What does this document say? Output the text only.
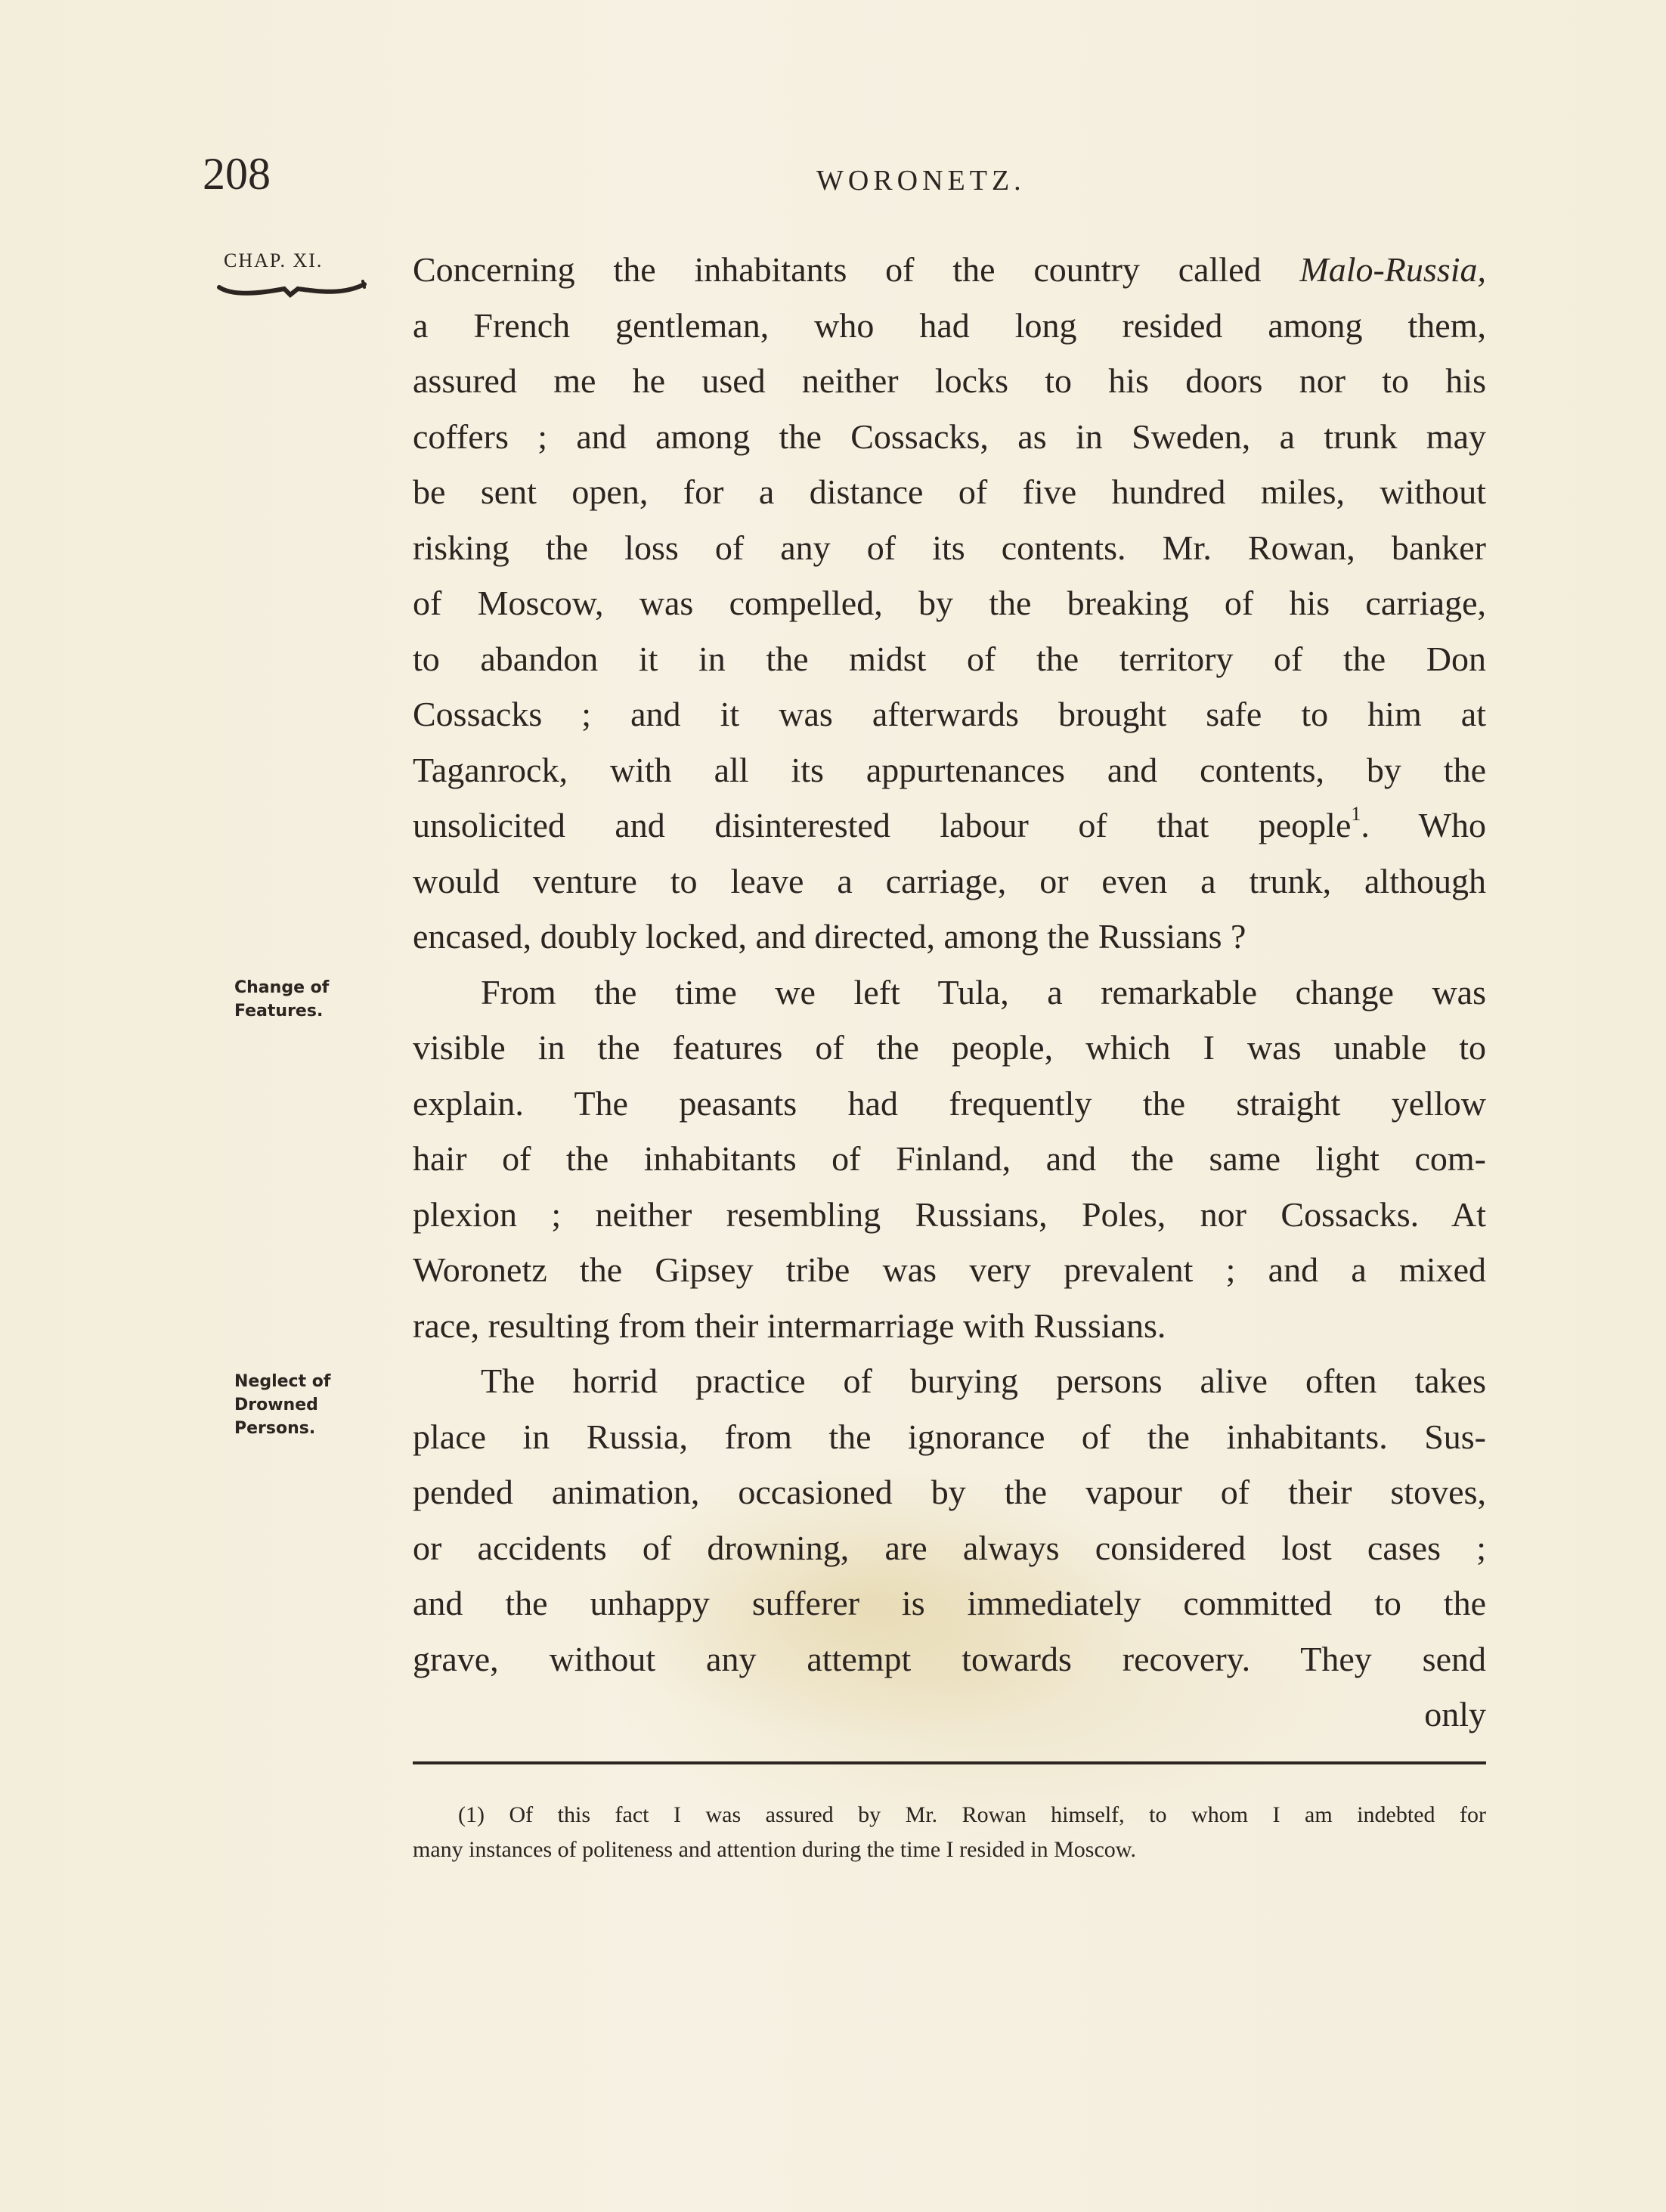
208	WORONETZ.
CHAP. XI.
Change of
Features.
Neglect of
Drowned
Persons.
Concerning the inhabitants of the country called Malo-Russia,
a French gentleman, who had long resided among them,
assured me he used neither locks to his doors nor to his
coffers ; and among the Cossacks, as in Sweden, a trunk may
be sent open, for a distance of five hundred miles, without
risking the loss of any of its contents. Mr. Rowan, banker
of Moscow, was compelled, by the breaking of his carriage,
to abandon it in the midst of the territory of the Don
Cossacks ; and it was afterwards brought safe to him at
Taganrock, with all its appurtenances and contents, by the
unsolicited and disinterested labour of that people$^1$. Who
would venture to leave a carriage, or even a trunk, although
encased, doubly locked, and directed, among the Russians ?
From the time we left Tula, a remarkable change was
visible in the features of the people, which I was unable to
explain. The peasants had frequently the straight yellow
hair of the inhabitants of Finland, and the same light com-
plexion ; neither resembling Russians, Poles, nor Cossacks. At
Woronetz the Gipsey tribe was very prevalent ; and a mixed
race, resulting from their intermarriage with Russians.
The horrid practice of burying persons alive often takes
place in Russia, from the ignorance of the inhabitants. Sus-
pended animation, occasioned by the vapour of their stoves,
or accidents of drowning, are always considered lost cases ;
and the unhappy sufferer is immediately committed to the
grave, without any attempt towards recovery. They send
only
(1) Of this fact I was assured by Mr. Rowan himself, to whom I am indebted for
many instances of politeness and attention during the time I resided in Moscow.
